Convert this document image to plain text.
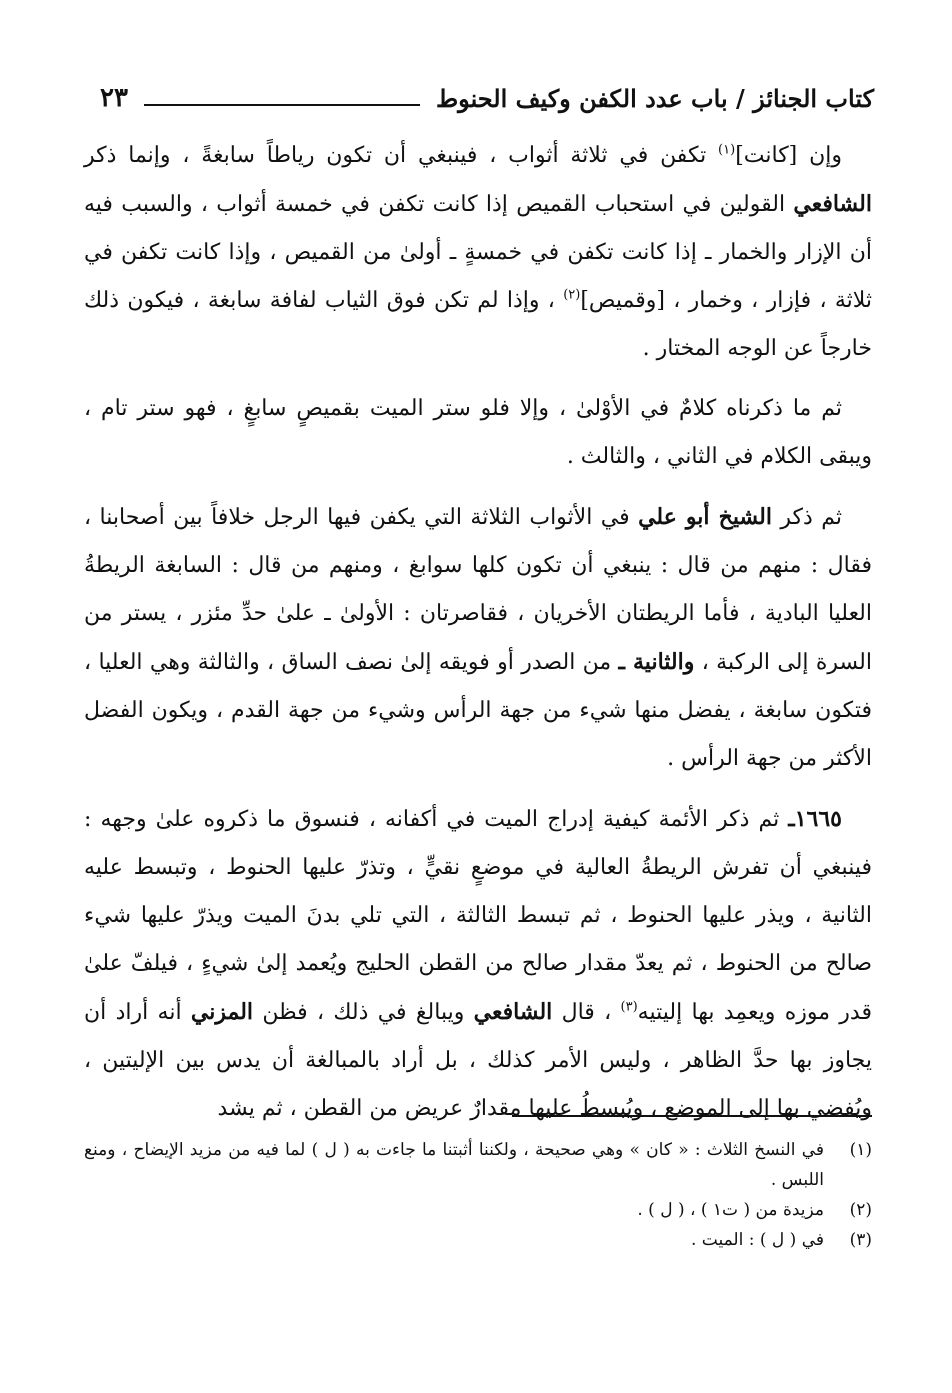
كتاب الجنائز / باب عدد الكفن وكيف الحنوط
٢٣

وإن [كانت]$^{(١)}$ تكفن في ثلاثة أثواب ، فينبغي أن تكون رياطاً سابغةً ، وإنما ذكر الشافعي القولين في استحباب القميص إذا كانت تكفن في خمسة أثواب ، والسبب فيه أن الإزار والخمار ـ إذا كانت تكفن في خمسةٍ ـ أولىٰ من القميص ، وإذا كانت تكفن في ثلاثة ، فإزار ، وخمار ، [وقميص]$^{(٢)}$ ، وإذا لم تكن فوق الثياب لفافة سابغة ، فيكون ذلك خارجاً عن الوجه المختار .

ثم ما ذكرناه كلامٌ في الأوْلىٰ ، وإلا فلو ستر الميت بقميصٍ سابغٍ ، فهو ستر تام ، ويبقى الكلام في الثاني ، والثالث .

ثم ذكر الشيخ أبو علي في الأثواب الثلاثة التي يكفن فيها الرجل خلافاً بين أصحابنا ، فقال : منهم من قال : ينبغي أن تكون كلها سوابغ ، ومنهم من قال : السابغة الريطةُ العليا البادية ، فأما الريطتان الأخريان ، فقاصرتان : الأولىٰ ـ علىٰ حدِّ مئزر ، يستر من السرة إلى الركبة ، والثانية ـ من الصدر أو فويقه إلىٰ نصف الساق ، والثالثة وهي العليا ، فتكون سابغة ، يفضل منها شيء من جهة الرأس وشيء من جهة القدم ، ويكون الفضل الأكثر من جهة الرأس .

١٦٦٥ـ ثم ذكر الأئمة كيفية إدراج الميت في أكفانه ، فنسوق ما ذكروه علىٰ وجهه : فينبغي أن تفرش الريطةُ العالية في موضعٍ نقيٍّ ، وتذرّ عليها الحنوط ، وتبسط عليه الثانية ، ويذر عليها الحنوط ، ثم تبسط الثالثة ، التي تلي بدنَ الميت ويذرّ عليها شيء صالح من الحنوط ، ثم يعدّ مقدار صالح من القطن الحليج ويُعمد إلىٰ شيءٍ ، فيلفّ علىٰ قدر موزه ويعمِد بها إليتيه$^{(٣)}$ ، قال الشافعي ويبالغ في ذلك ، فظن المزني أنه أراد أن يجاوز بها حدَّ الظاهر ، وليس الأمر كذلك ، بل أراد بالمبالغة أن يدس بين الإليتين ، ويُفضي بها إلى الموضع ، ويُبسطُ عليها مقدارٌ عريض من القطن ، ثم يشد

(١)
في النسخ الثلاث : « كان » وهي صحيحة ، ولكننا أثبتنا ما جاءت به ( ل ) لما فيه من مزيد الإيضاح ، ومنع اللبس .
(٢)
مزيدة من ( ت١ ) ، ( ل ) .
(٣)
في ( ل ) : الميت .
